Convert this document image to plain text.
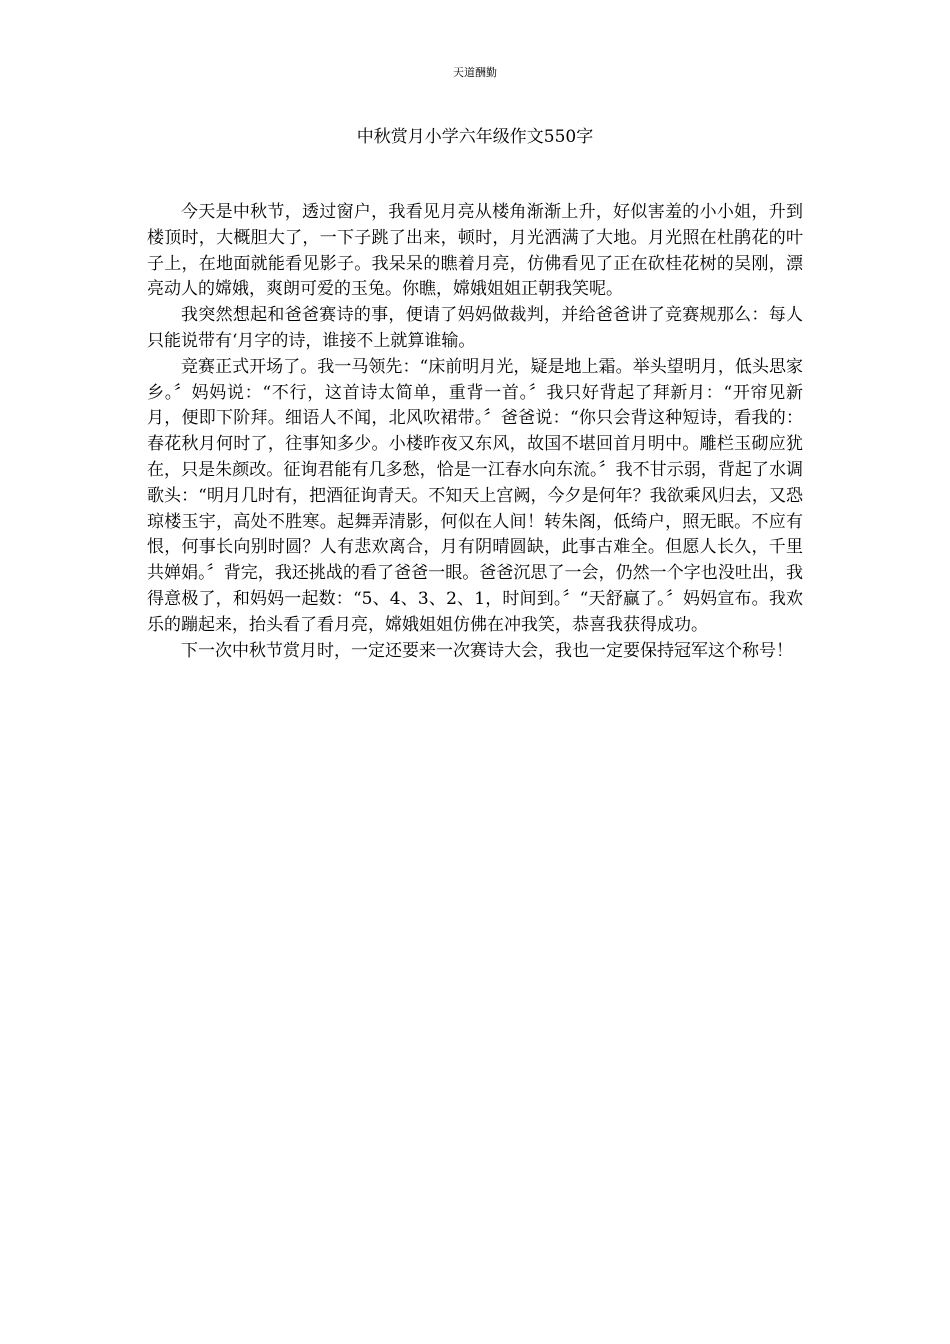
天道酬勤
中秋赏月小学六年级作文550字

今天是中秋节，透过窗户，我看见月亮从楼角渐渐上升，好似害羞的小小姐，升到楼顶时，大概胆大了，一下子跳了出来，顿时，月光洒满了大地。月光照在杜鹃花的叶子上，在地面就能看见影子。我呆呆的瞧着月亮，仿佛看见了正在砍桂花树的吴刚，漂亮动人的嫦娥，爽朗可爱的玉兔。你瞧，嫦娥姐姐正朝我笑呢。

我突然想起和爸爸赛诗的事，便请了妈妈做裁判，并给爸爸讲了竞赛规那么：每人只能说带有‘月字的诗，谁接不上就算谁输。

竞赛正式开场了。我一马领先：“床前明月光，疑是地上霜。举头望明月，低头思家乡。〞妈妈说：“不行，这首诗太简单，重背一首。〞我只好背起了拜新月：“开帘见新月，便即下阶拜。细语人不闻，北风吹裙带。〞爸爸说：“你只会背这种短诗，看我的：春花秋月何时了，往事知多少。小楼昨夜又东风，故国不堪回首月明中。雕栏玉砌应犹在，只是朱颜改。征询君能有几多愁，恰是一江春水向东流。〞我不甘示弱，背起了水调歌头：“明月几时有，把酒征询青天。不知天上宫阙，今夕是何年？我欲乘风归去，又恐琼楼玉宇，高处不胜寒。起舞弄清影，何似在人间！转朱阁，低绮户，照无眠。不应有恨，何事长向别时圆？人有悲欢离合，月有阴晴圆缺，此事古难全。但愿人长久，千里共婵娟。〞背完，我还挑战的看了爸爸一眼。爸爸沉思了一会，仍然一个字也没吐出，我得意极了，和妈妈一起数：“5、4、3、2、1，时间到。〞“天舒赢了。〞妈妈宣布。我欢乐的蹦起来，抬头看了看月亮，嫦娥姐姐仿佛在冲我笑，恭喜我获得成功。

下一次中秋节赏月时，一定还要来一次赛诗大会，我也一定要保持冠军这个称号！
